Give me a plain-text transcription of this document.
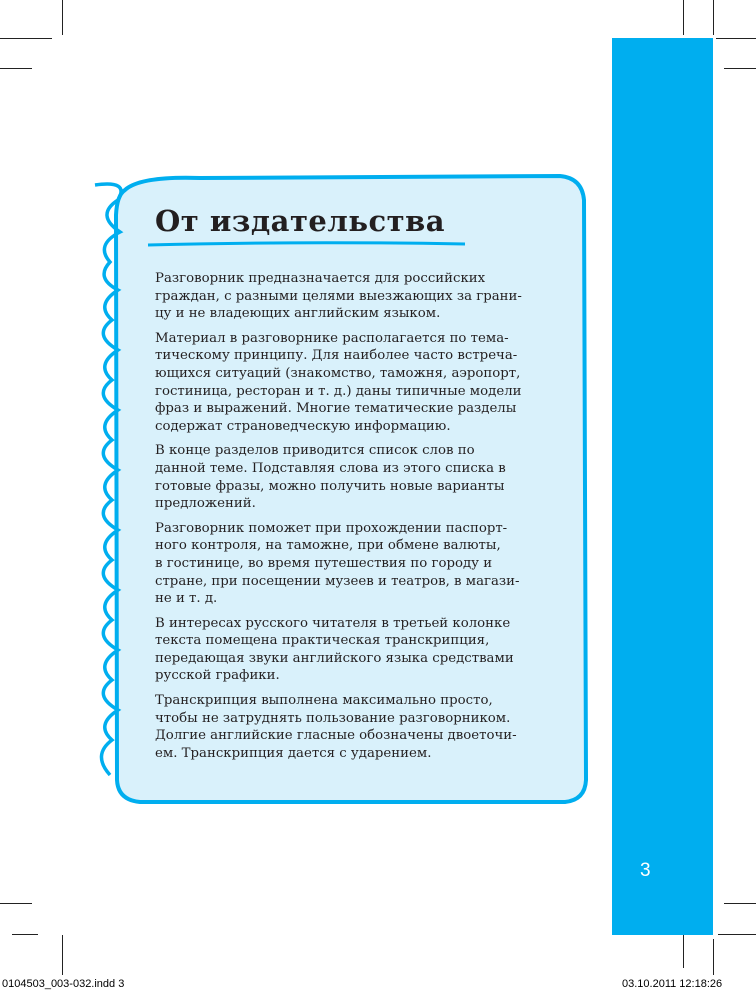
3
От издательства
Разговорник предназначается для российских
граждан, с разными целями выезжающих за грани-
цу и не владеющих английским языком.
Материал в разговорнике располагается по тема-
тическому принципу. Для наиболее часто встреча-
ющихся ситуаций (знакомство, таможня, аэропорт,
гостиница, ресторан и т. д.) даны типичные модели
фраз и выражений. Многие тематические разделы
содержат страноведческую информацию.
В конце разделов приводится список слов по
данной теме. Подставляя слова из этого списка в
готовые фразы, можно получить новые варианты
предложений.
Разговорник поможет при прохождении паспорт-
ного контроля, на таможне, при обмене валюты,
в гостинице, во время путешествия по городу и
стране, при посещении музеев и театров, в магази-
не и т. д.
В интересах русского читателя в третьей колонке
текста помещена практическая транскрипция,
передающая звуки английского языка средствами
русской графики.
Транскрипция выполнена максимально просто,
чтобы не затруднять пользование разговорником.
Долгие английские гласные обозначены двоеточи-
ем. Транскрипция дается с ударением.
0104503_003-032.indd 3	03.10.2011 12:18:26
